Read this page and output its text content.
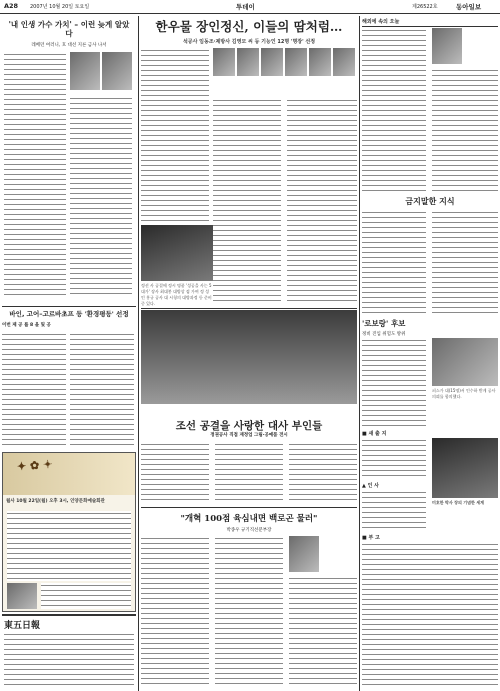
A28 2007년 10월 20일 토요일	투데이	제26522호	동아일보
'내 인생 가수 가치' – 이런 늦게 알았다
레베던 여러니, 호 대선 지른 금사 나서
바인, 고어–고르바초프 등 '환경평등' 선정
이번 제 공 를 8 을 및 공
✦ ✿ ✦
월사 10월 22일(월) 오후 3시, 인양문화예술회관
東五日報
한우물 장인정신, 이들의 땀처럼…
석공사 임동조·제방사 김영모 씨 등 기능인 12명 '명장' 선정
정선 사 공결에 정시 명품 '성공을 사는 5대가' 장사 최대봉 대방상 겸 가여 정 성 인 홍규 공사 대 시청의 대방과정 등 준비 중 있다.
조선 공결을 사랑한 대사 부인들
정권공사 직접 재정업 그림·공예품 전시
"개혁 100점 육심내면 백로곤 물러"
박종우 규기직선분부장
해외에 속의 오늘
금지말한 지식
'로보랑' 후보
정비 진입 위험도 방위
퍼스가 대(15명)서 인수하 받게 공사 의뢰를 합의했다.
■ 새 출 지
▲ 인 사
■ 부 고
미호한 박사 장의 기념한 세계
